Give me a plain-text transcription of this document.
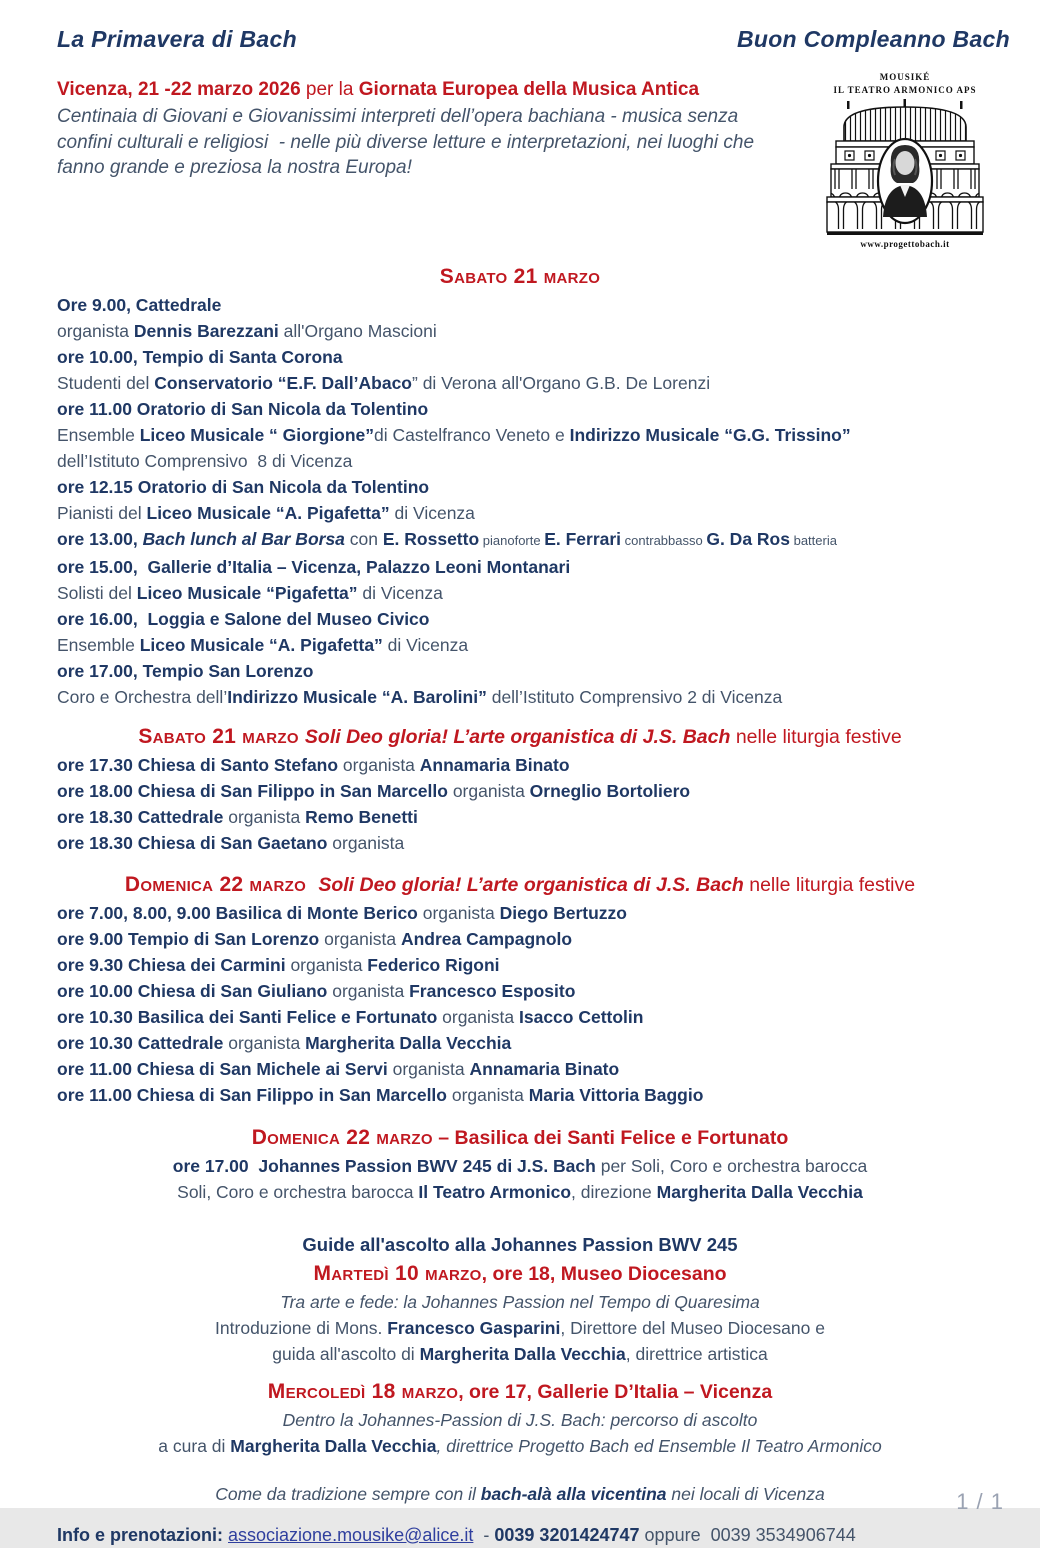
La Primavera di Bach	Buon Compleanno Bach
Vicenza, 21 -22 marzo 2026 per la Giornata Europea della Musica Antica
Centinaia di Giovani e Giovanissimi interpreti dell’opera bachiana - musica senza confini culturali e religiosi  - nelle più diverse letture e interpretazioni, nei luoghi che fanno grande e preziosa la nostra Europa!
MOUSIKÉ
IL TEATRO ARMONICO APS
www.progettobach.it
Sabato 21 marzo
Ore 9.00, Cattedrale
organista Dennis Barezzani all'Organo Mascioni
ore 10.00, Tempio di Santa Corona
Studenti del Conservatorio “E.F. Dall’Abaco” di Verona all'Organo G.B. De Lorenzi
ore 11.00 Oratorio di San Nicola da Tolentino
Ensemble Liceo Musicale “ Giorgione”di Castelfranco Veneto e Indirizzo Musicale “G.G. Trissino”
dell’Istituto Comprensivo  8 di Vicenza
ore 12.15 Oratorio di San Nicola da Tolentino
Pianisti del Liceo Musicale “A. Pigafetta” di Vicenza
ore 13.00, Bach lunch al Bar Borsa con E. Rossetto pianoforte E. Ferrari contrabbasso G. Da Ros batteria
ore 15.00,  Gallerie d’Italia – Vicenza, Palazzo Leoni Montanari
Solisti del Liceo Musicale “Pigafetta” di Vicenza
ore 16.00,  Loggia e Salone del Museo Civico
Ensemble Liceo Musicale “A. Pigafetta” di Vicenza
ore 17.00, Tempio San Lorenzo
Coro e Orchestra dell’Indirizzo Musicale “A. Barolini” dell’Istituto Comprensivo 2 di Vicenza
Sabato 21 marzo Soli Deo gloria! L’arte organistica di J.S. Bach nelle liturgia festive
ore 17.30 Chiesa di Santo Stefano organista Annamaria Binato
ore 18.00 Chiesa di San Filippo in San Marcello organista Orneglio Bortoliero
ore 18.30 Cattedrale organista Remo Benetti
ore 18.30 Chiesa di San Gaetano organista
Domenica 22 marzo  Soli Deo gloria! L’arte organistica di J.S. Bach nelle liturgia festive
ore 7.00, 8.00, 9.00 Basilica di Monte Berico organista Diego Bertuzzo
ore 9.00 Tempio di San Lorenzo organista Andrea Campagnolo
ore 9.30 Chiesa dei Carmini organista Federico Rigoni
ore 10.00 Chiesa di San Giuliano organista Francesco Esposito
ore 10.30 Basilica dei Santi Felice e Fortunato organista Isacco Cettolin
ore 10.30 Cattedrale organista Margherita Dalla Vecchia
ore 11.00 Chiesa di San Michele ai Servi organista Annamaria Binato
ore 11.00 Chiesa di San Filippo in San Marcello organista Maria Vittoria Baggio
Domenica 22 marzo – Basilica dei Santi Felice e Fortunato
ore 17.00  Johannes Passion BWV 245 di J.S. Bach per Soli, Coro e orchestra barocca
Soli, Coro e orchestra barocca Il Teatro Armonico, direzione Margherita Dalla Vecchia
Guide all'ascolto alla Johannes Passion BWV 245
Martedì 10 marzo, ore 18, Museo Diocesano
Tra arte e fede: la Johannes Passion nel Tempo di Quaresima
Introduzione di Mons. Francesco Gasparini, Direttore del Museo Diocesano e
guida all'ascolto di Margherita Dalla Vecchia, direttrice artistica
Mercoledì 18 marzo, ore 17, Gallerie D’Italia – Vicenza
Dentro la Johannes-Passion di J.S. Bach: percorso di ascolto
a cura di Margherita Dalla Vecchia, direttrice Progetto Bach ed Ensemble Il Teatro Armonico
Come da tradizione sempre con il bach-alà alla vicentina nei locali di Vicenza
Info e prenotazioni: associazione.mousike@alice.it  - 0039 3201424747 oppure  0039 3534906744
1 / 1
